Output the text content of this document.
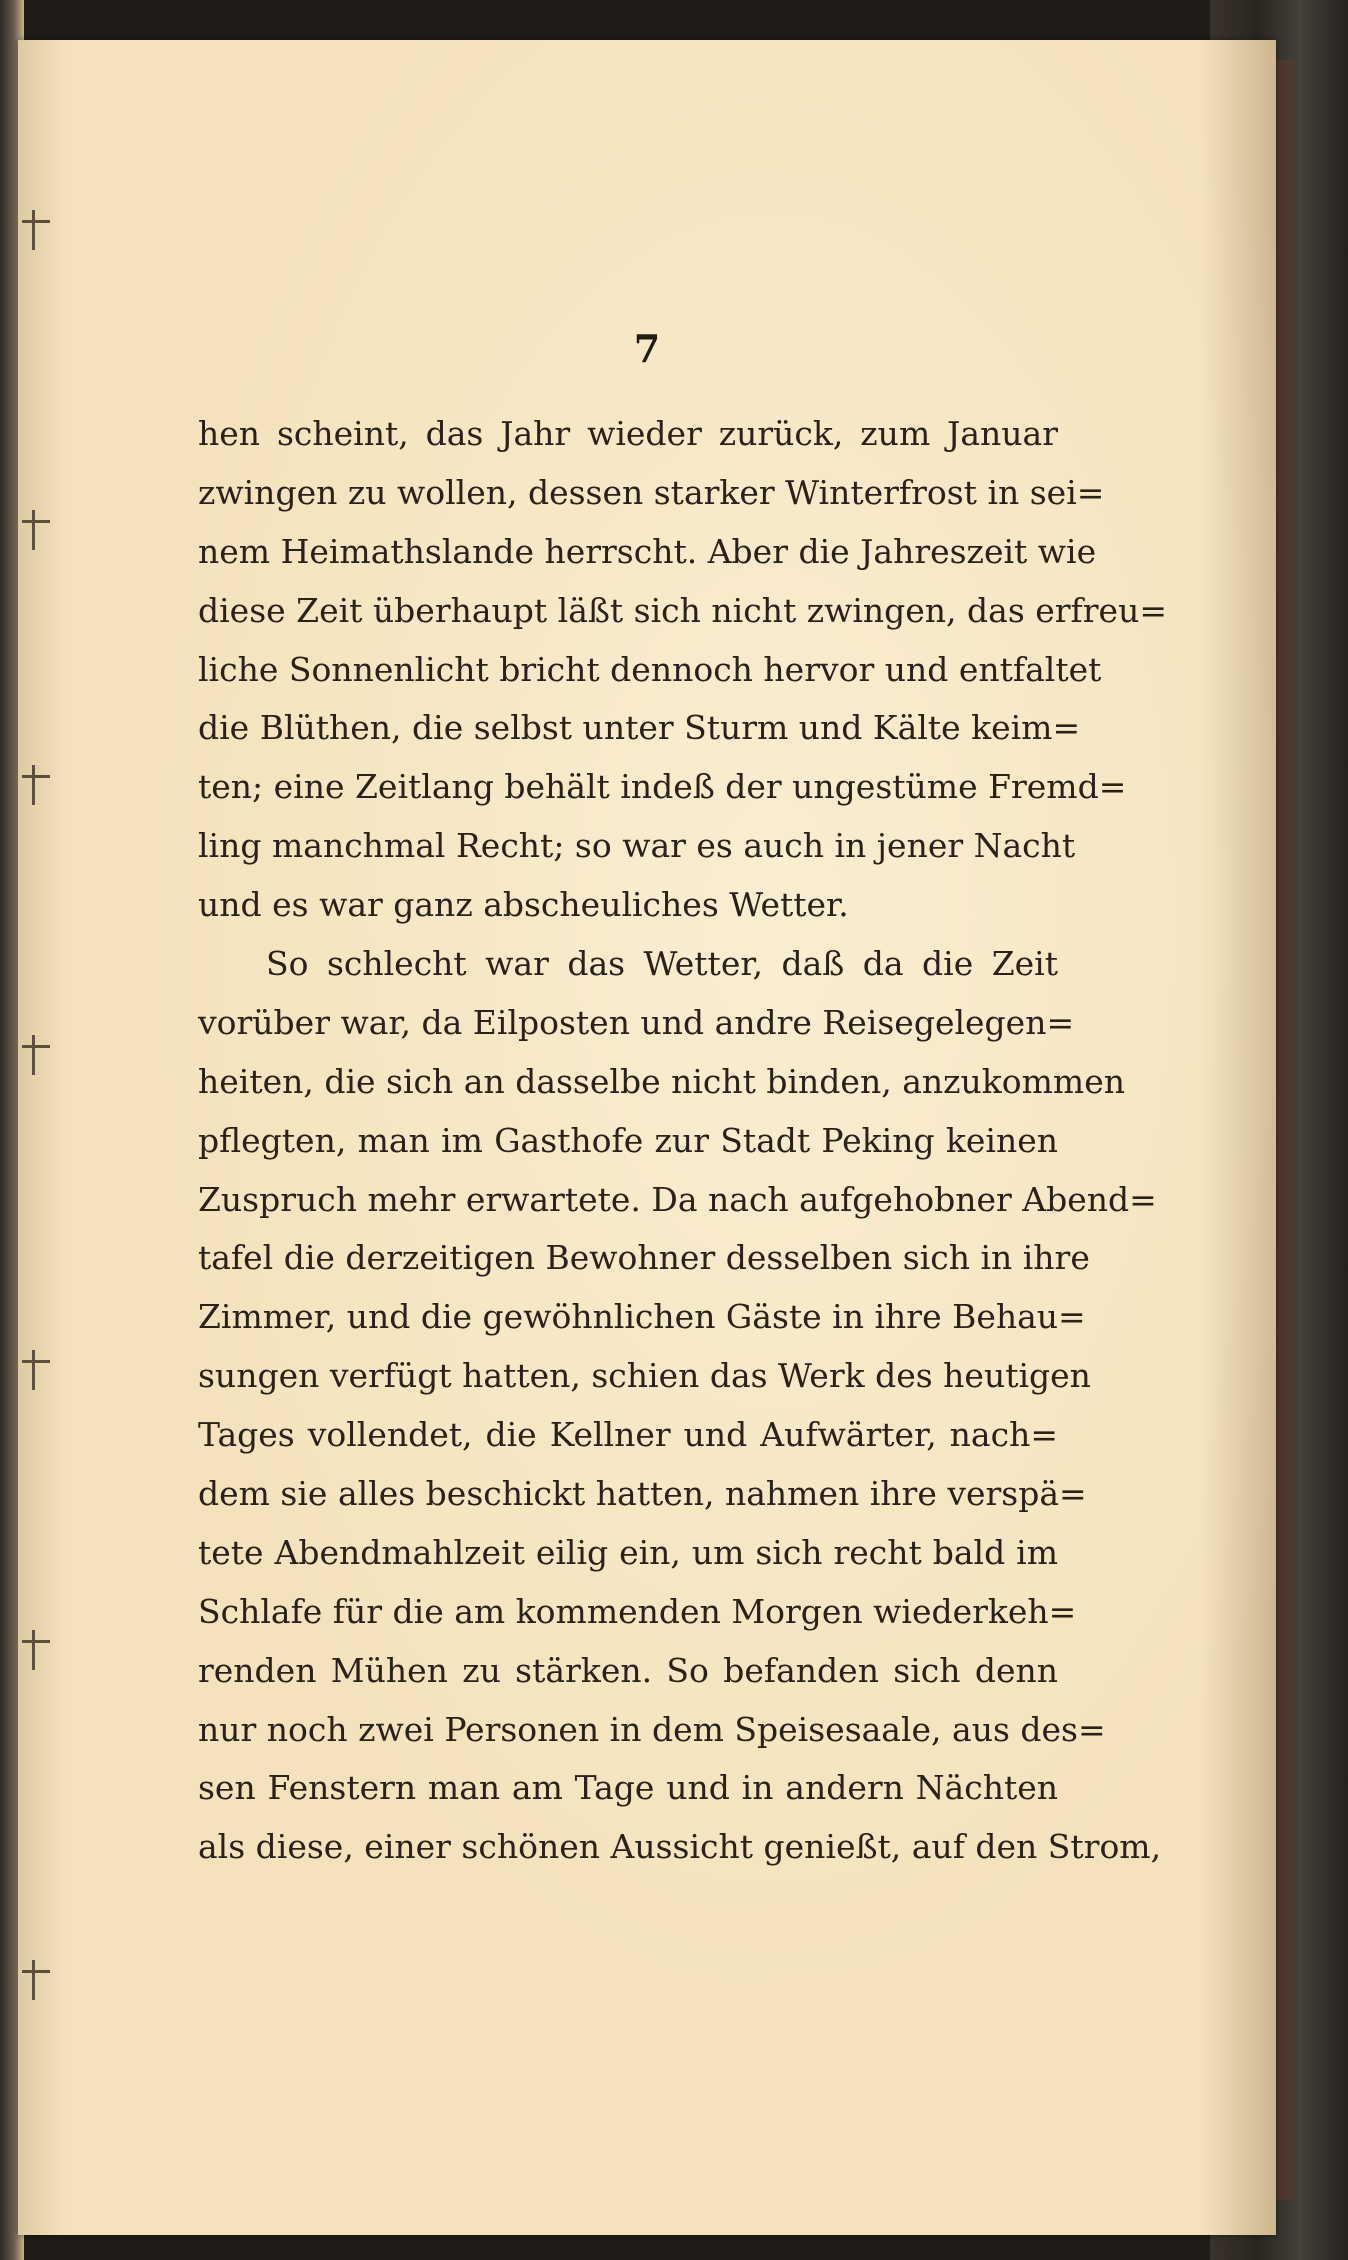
7
hen scheint, das Jahr wieder zurück, zum Januar
zwingen zu wollen, dessen starker Winterfrost in sei=
nem Heimathslande herrscht. Aber die Jahreszeit wie
diese Zeit überhaupt läßt sich nicht zwingen, das erfreu=
liche Sonnenlicht bricht dennoch hervor und entfaltet
die Blüthen, die selbst unter Sturm und Kälte keim=
ten; eine Zeitlang behält indeß der ungestüme Fremd=
ling manchmal Recht; so war es auch in jener Nacht
und es war ganz abscheuliches Wetter.
So schlecht war das Wetter, daß da die Zeit
vorüber war, da Eilposten und andre Reisegelegen=
heiten, die sich an dasselbe nicht binden, anzukommen
pflegten, man im Gasthofe zur Stadt Peking keinen
Zuspruch mehr erwartete. Da nach aufgehobner Abend=
tafel die derzeitigen Bewohner desselben sich in ihre
Zimmer, und die gewöhnlichen Gäste in ihre Behau=
sungen verfügt hatten, schien das Werk des heutigen
Tages vollendet, die Kellner und Aufwärter, nach=
dem sie alles beschickt hatten, nahmen ihre verspä=
tete Abendmahlzeit eilig ein, um sich recht bald im
Schlafe für die am kommenden Morgen wiederkeh=
renden Mühen zu stärken. So befanden sich denn
nur noch zwei Personen in dem Speisesaale, aus des=
sen Fenstern man am Tage und in andern Nächten
als diese, einer schönen Aussicht genießt, auf den Strom,
